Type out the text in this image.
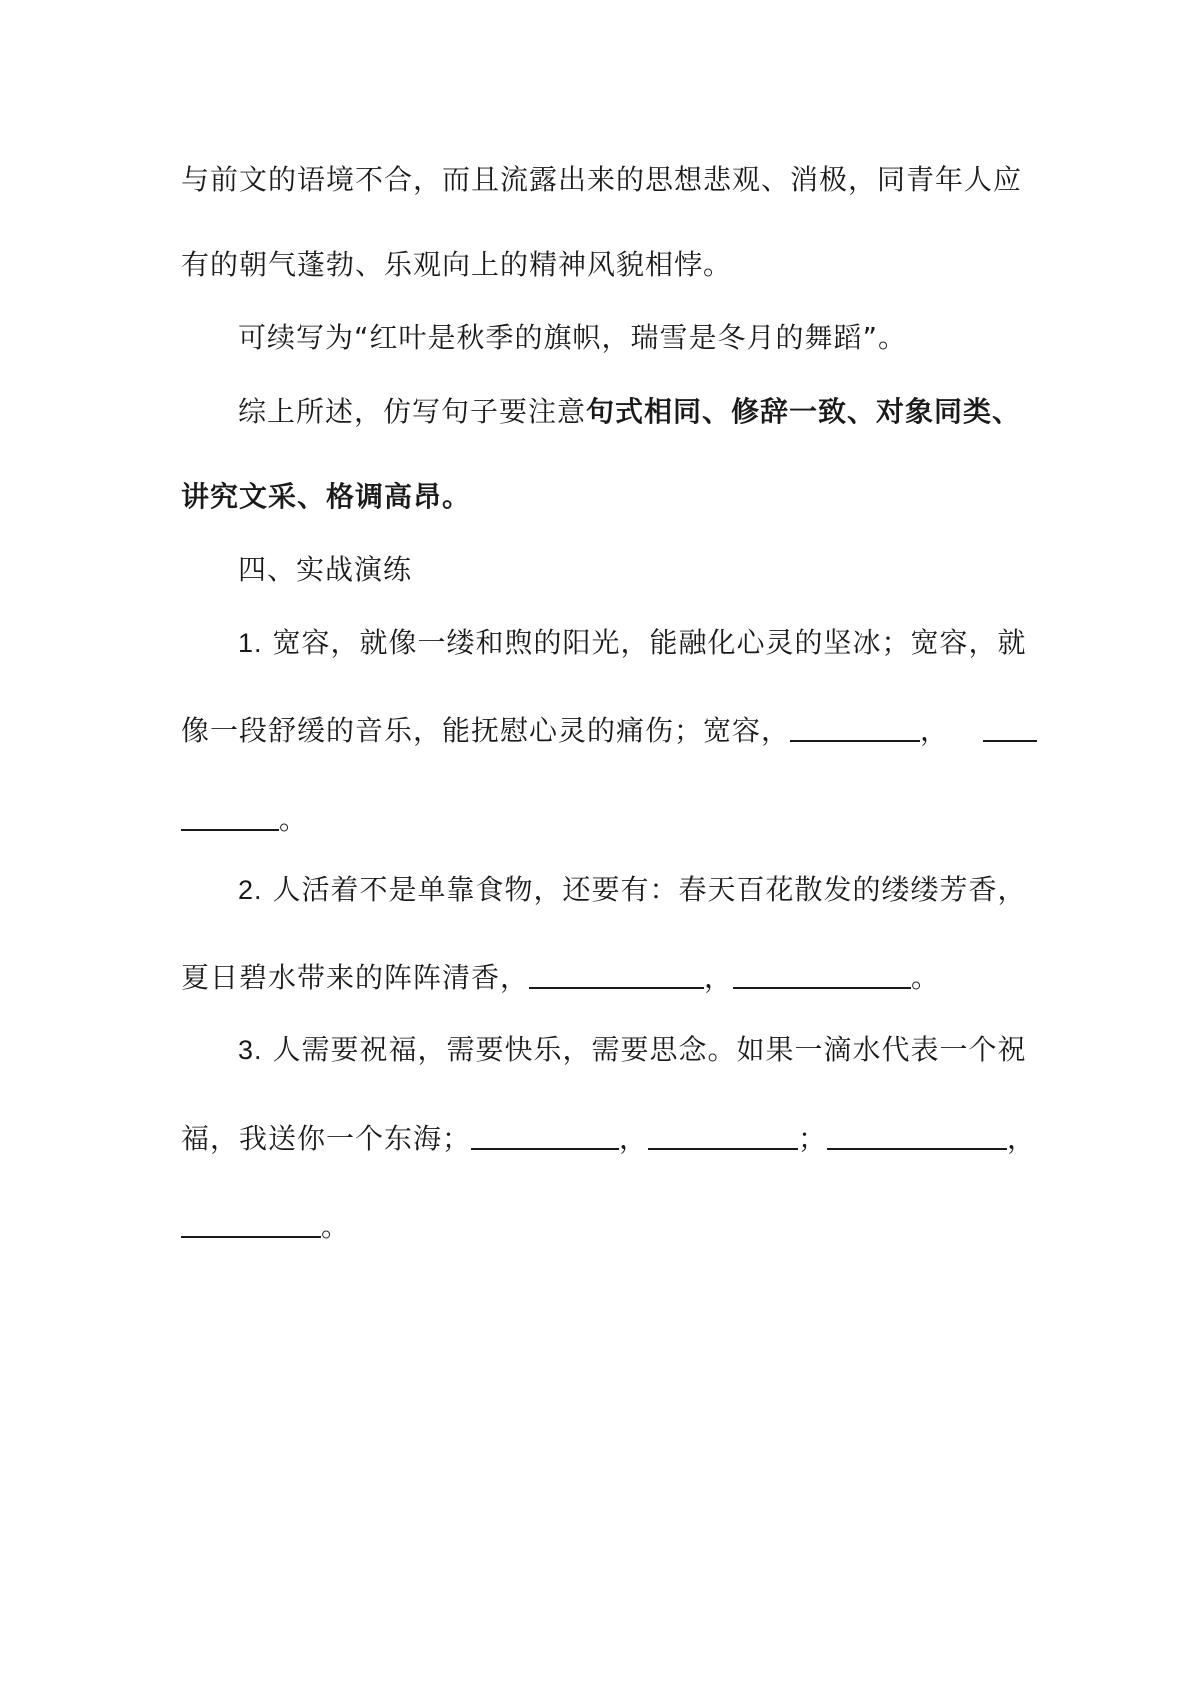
与前文的语境不合，而且流露出来的思想悲观、消极，同青年人应
有的朝气蓬勃、乐观向上的精神风貌相悖。
可续写为“红叶是秋季的旗帜，瑞雪是冬月的舞蹈”。
综上所述，仿写句子要注意句式相同、修辞一致、对象同类、
讲究文采、格调高昂。
四、实战演练
1. 宽容，就像一缕和煦的阳光，能融化心灵的坚冰；宽容，就
像一段舒缓的音乐，能抚慰心灵的痛伤；宽容，	，
。
2. 人活着不是单靠食物，还要有：春天百花散发的缕缕芳香，
夏日碧水带来的阵阵清香，	，	。
3. 人需要祝福，需要快乐，需要思念。如果一滴水代表一个祝
福，我送你一个东海；	，	；	，
。
